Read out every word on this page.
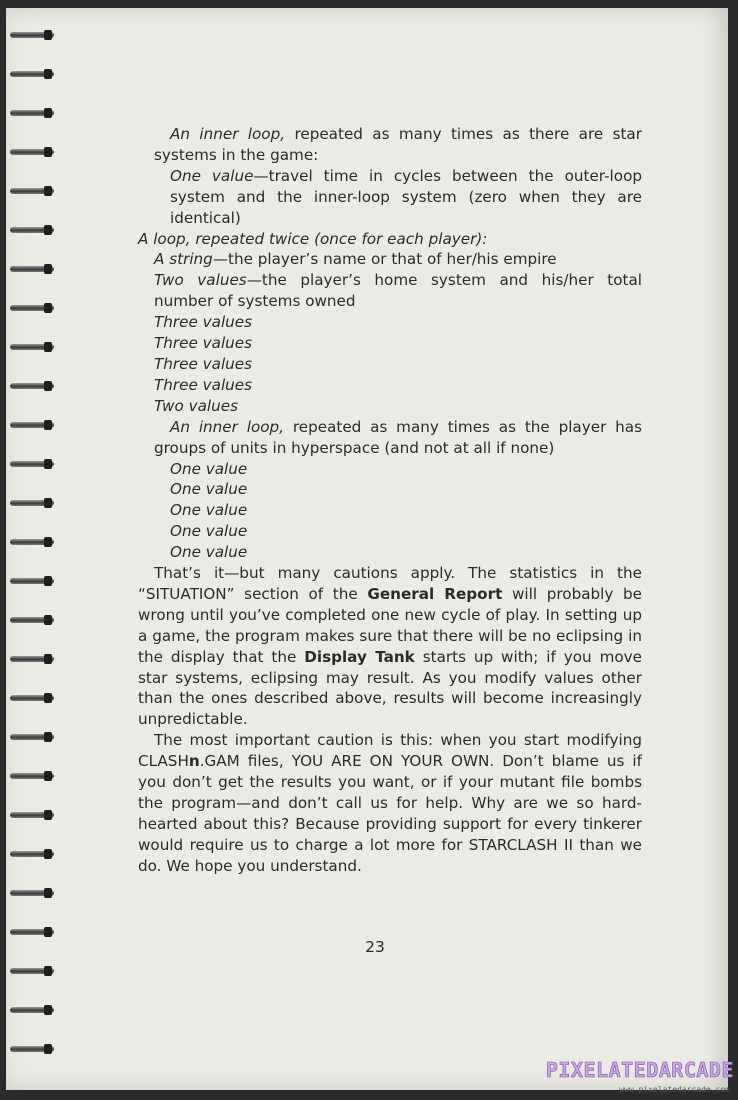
An inner loop, repeated as many times as there are star systems in the game:

One value—travel time in cycles between the outer-loop system and the inner-loop system (zero when they are identical)

A loop, repeated twice (once for each player):

A string—the player’s name or that of her/his empire

Two values—the player’s home system and his/her total number of systems owned

Three values

Three values

Three values

Three values

Two values

An inner loop, repeated as many times as the player has groups of units in hyperspace (and not at all if none)

One value

One value

One value

One value

One value

That’s it—but many cautions apply. The statistics in the “SITUATION” section of the General Report will probably be wrong until you’ve completed one new cycle of play. In setting up a game, the program makes sure that there will be no eclipsing in the display that the Display Tank starts up with; if you move star systems, eclipsing may result. As you modify values other than the ones described above, results will become increasingly unpredictable.

The most important caution is this: when you start modifying CLASHn.GAM files, YOU ARE ON YOUR OWN. Don’t blame us if you don’t get the results you want, or if your mutant file bombs the program—and don’t call us for help. Why are we so hard-hearted about this? Because providing support for every tinkerer would require us to charge a lot more for STARCLASH II than we do. We hope you understand.

23
PIXELATEDARCADE
www.pixelatedarcade.com
